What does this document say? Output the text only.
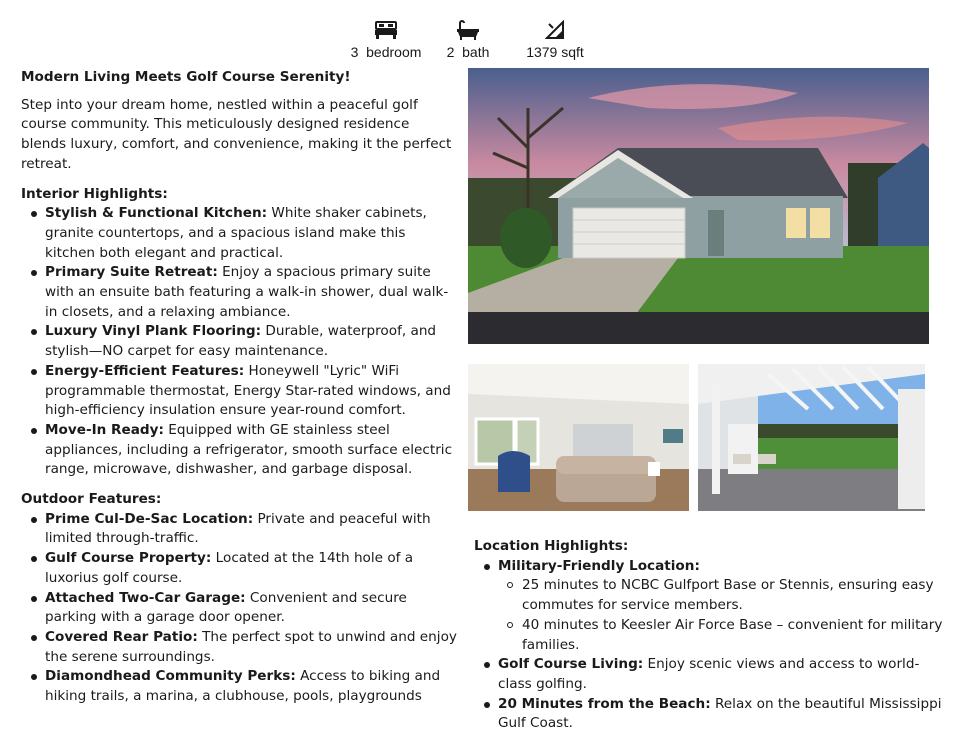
3  bedroom	2  bath	1379 sqft

Modern Living Meets Golf Course Serenity!

Step into your dream home, nestled within a peaceful golf course community. This meticulously designed residence blends luxury, comfort, and convenience, making it the perfect retreat.

Interior Highlights:

Stylish & Functional Kitchen: White shaker cabinets, granite countertops, and a spacious island make this kitchen both elegant and practical.
Primary Suite Retreat: Enjoy a spacious primary suite with an ensuite bath featuring a walk-in shower, dual walk-in closets, and a relaxing ambiance.
Luxury Vinyl Plank Flooring: Durable, waterproof, and stylish—NO carpet for easy maintenance.
Energy-Efficient Features: Honeywell "Lyric" WiFi programmable thermostat, Energy Star-rated windows, and high-efficiency insulation ensure year-round comfort.
Move-In Ready: Equipped with GE stainless steel appliances, including a refrigerator, smooth surface electric range, microwave, dishwasher, and garbage disposal.

Outdoor Features:

Prime Cul-De-Sac Location: Private and peaceful with limited through-traffic.
Gulf Course Property: Located at the 14th hole of a luxorius golf course.
Attached Two-Car Garage: Convenient and secure parking with a garage door opener.
Covered Rear Patio: The perfect spot to unwind and enjoy the serene surroundings.
Diamondhead Community Perks: Access to biking and hiking trails, a marina, a clubhouse, pools, playgrounds

Location Highlights:

Military-Friendly Location:
25 minutes to NCBC Gulfport Base or Stennis, ensuring easy commutes for service members.
40 minutes to Keesler Air Force Base – convenient for military families.
Golf Course Living: Enjoy scenic views and access to world-class golfing.
20 Minutes from the Beach: Relax on the beautiful Mississippi Gulf Coast.
